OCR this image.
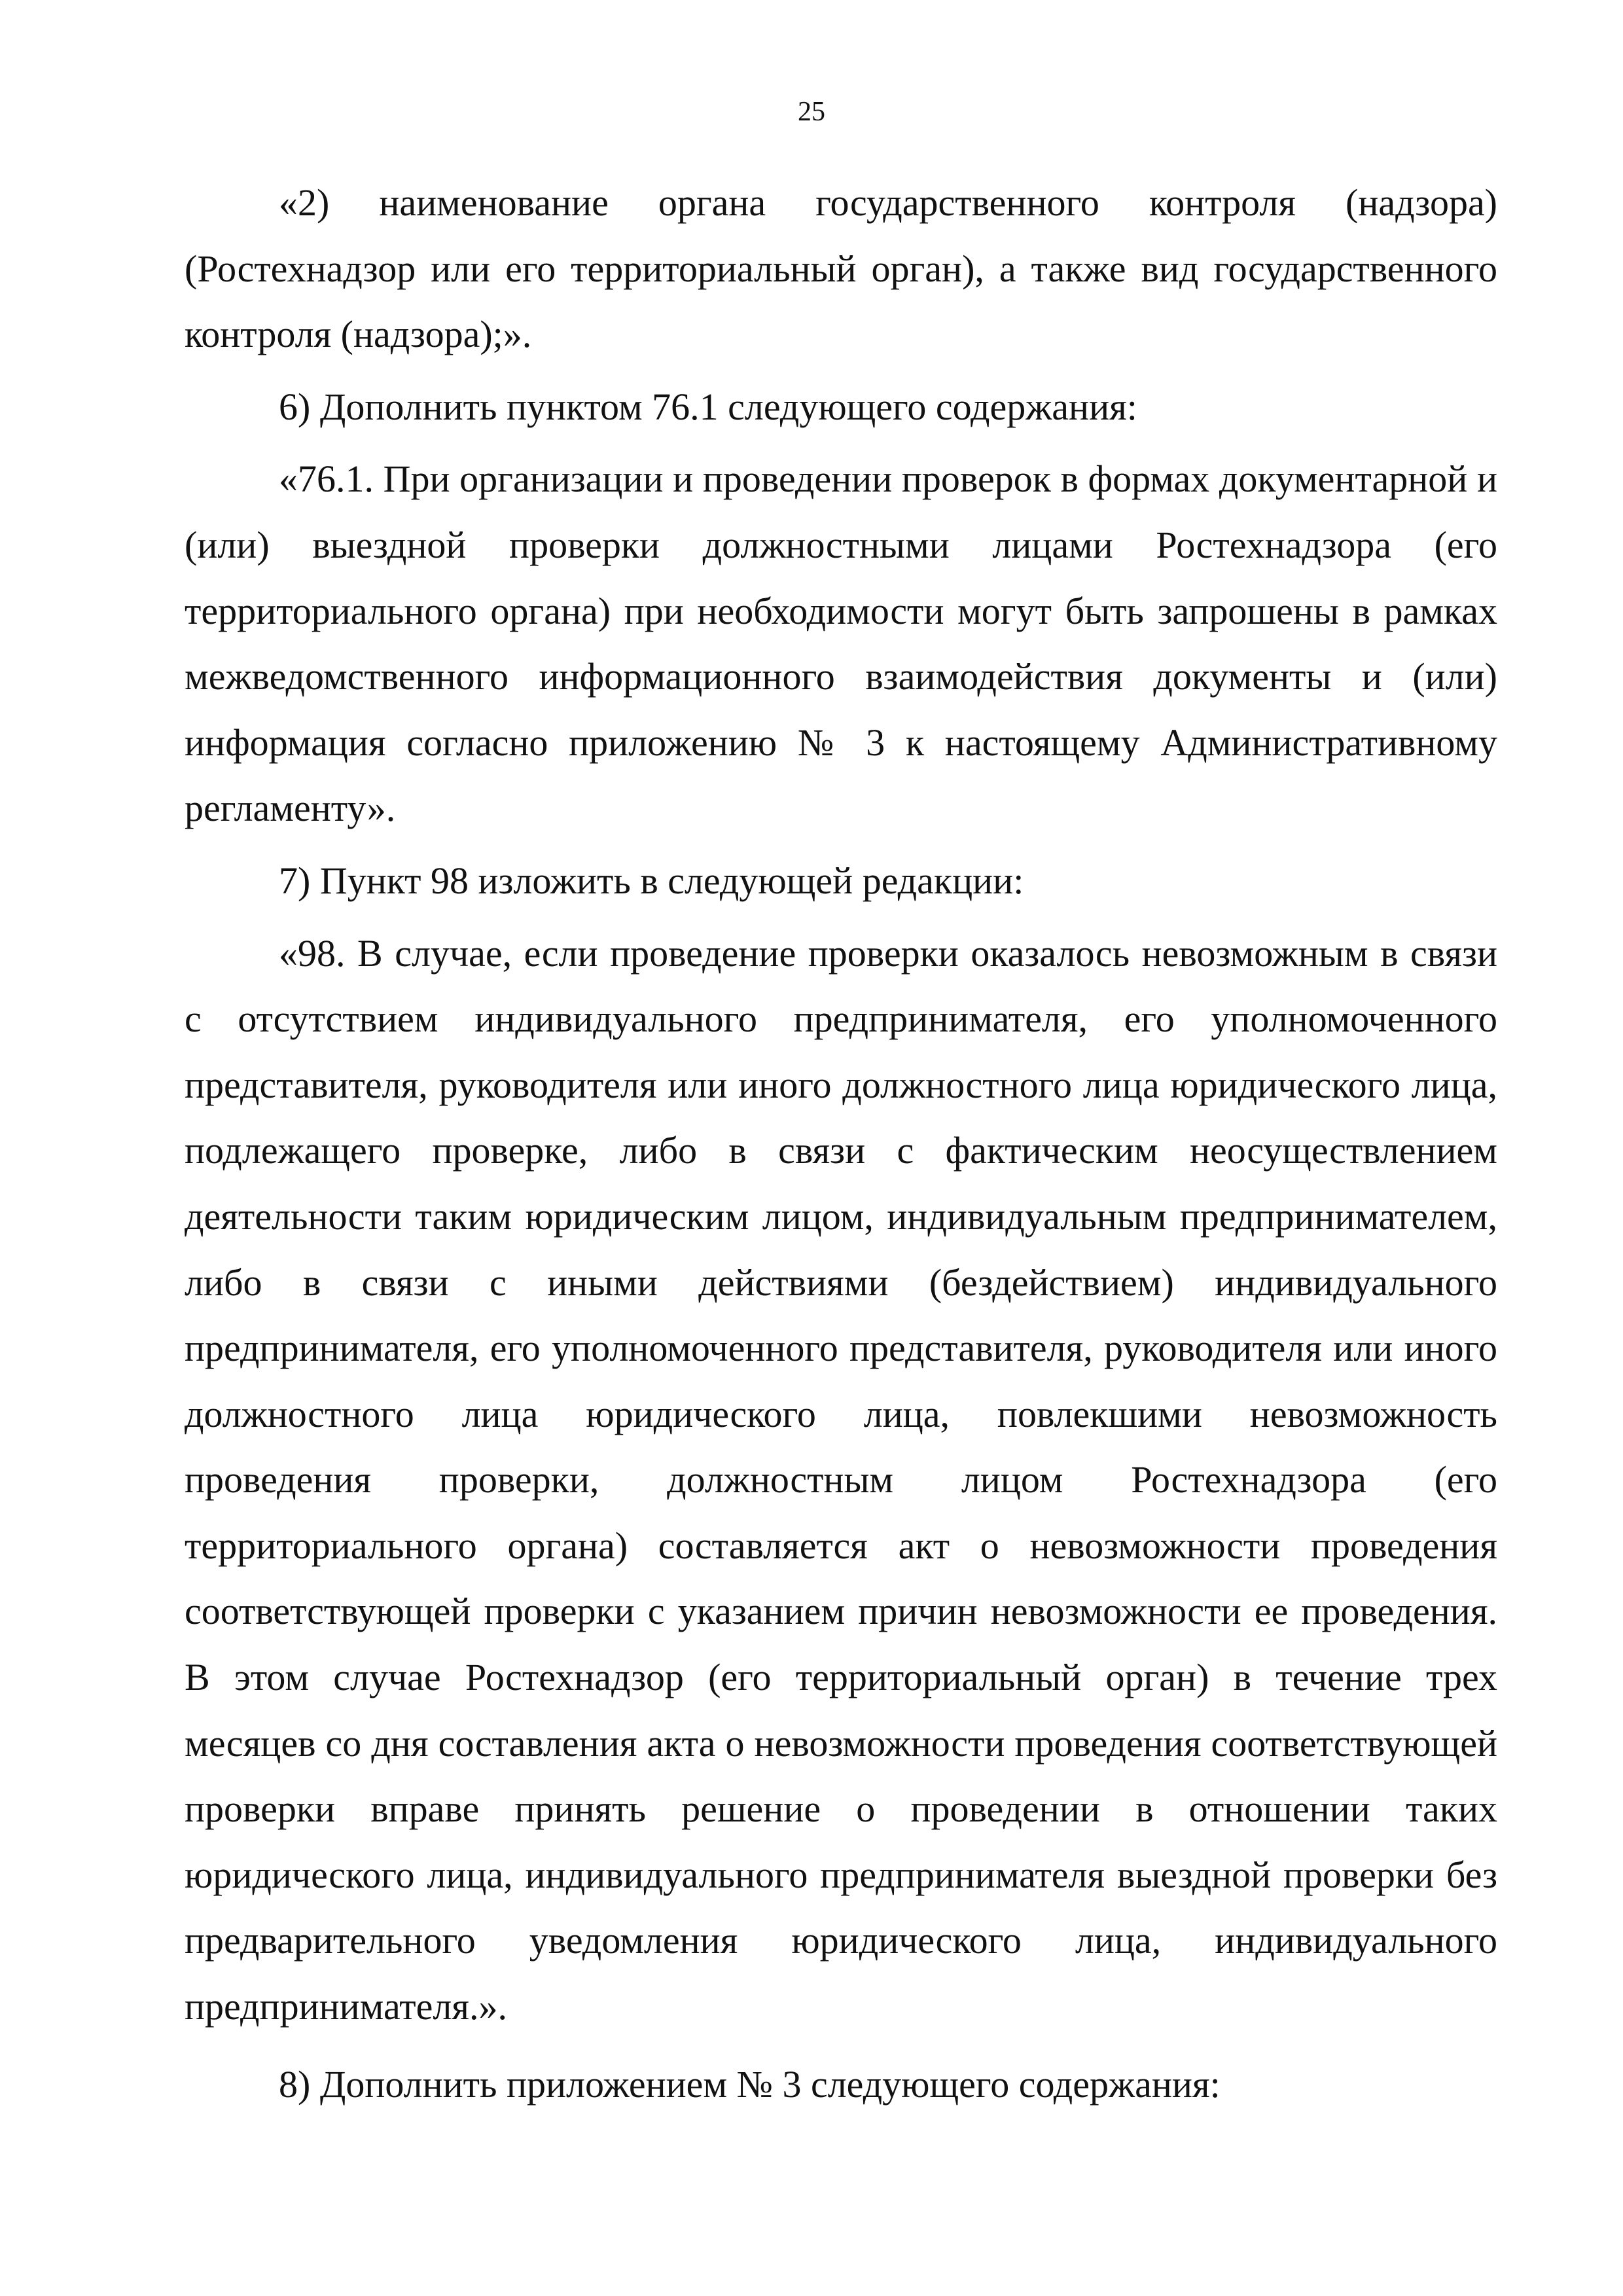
25

«2) наименование органа государственного контроля (надзора) (Ростехнадзор или его территориальный орган), а также вид государственного контроля (надзора);».

6) Дополнить пунктом 76.1 следующего содержания:

«76.1. При организации и проведении проверок в формах документарной и (или) выездной проверки должностными лицами Ростехнадзора (его территориального органа) при необходимости могут быть запрошены в рамках межведомственного информационного взаимодействия документы и (или) информация согласно приложению № 3 к настоящему Административному регламенту».

7) Пункт 98 изложить в следующей редакции:

«98. В случае, если проведение проверки оказалось невозможным в связи с отсутствием индивидуального предпринимателя, его уполномоченного представителя, руководителя или иного должностного лица юридического лица, подлежащего проверке, либо в связи с фактическим неосуществлением деятельности таким юридическим лицом, индивидуальным предпринимателем, либо в связи с иными действиями (бездействием) индивидуального предпринимателя, его уполномоченного представителя, руководителя или иного должностного лица юридического лица, повлекшими невозможность проведения проверки, должностным лицом Ростехнадзора (его территориального органа) составляется акт о невозможности проведения соответствующей проверки с указанием причин невозможности ее проведения. В этом случае Ростехнадзор (его территориальный орган) в течение трех месяцев со дня составления акта о невозможности проведения соответствующей проверки вправе принять решение о проведении в отношении таких юридического лица, индивидуального предпринимателя выездной проверки без предварительного уведомления юридического лица, индивидуального предпринимателя.».

8) Дополнить приложением № 3 следующего содержания:
